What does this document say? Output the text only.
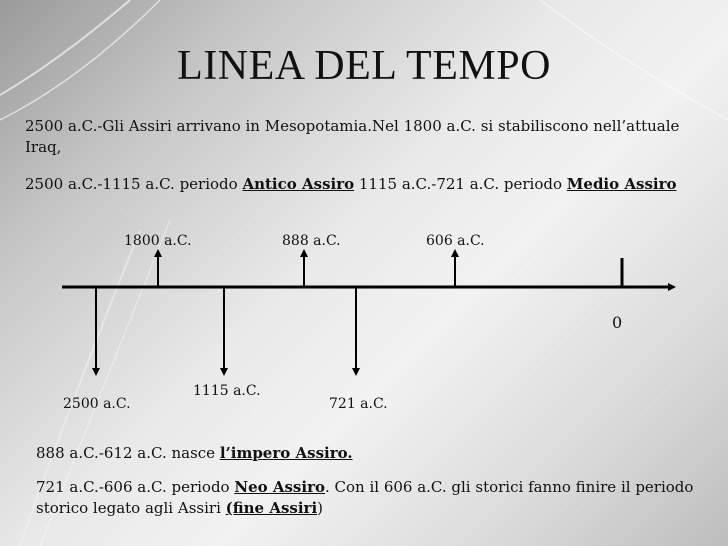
LINEA DEL TEMPO
2500 a.C.-Gli Assiri arrivano in Mesopotamia.Nel 1800 a.C. si stabiliscono nell’attuale Iraq,
2500 a.C.-1115 a.C. periodo Antico Assiro 1115 a.C.-721 a.C. periodo Medio Assiro
1800 a.C.	888 a.C.	606 a.C.
2500 a.C.
1115 a.C.
721 a.C.
0
888 a.C.-612 a.C. nasce l’impero Assiro.
721 a.C.-606 a.C. periodo Neo Assiro. Con il 606 a.C. gli storici fanno finire il periodo storico legato agli Assiri (fine Assiri)
